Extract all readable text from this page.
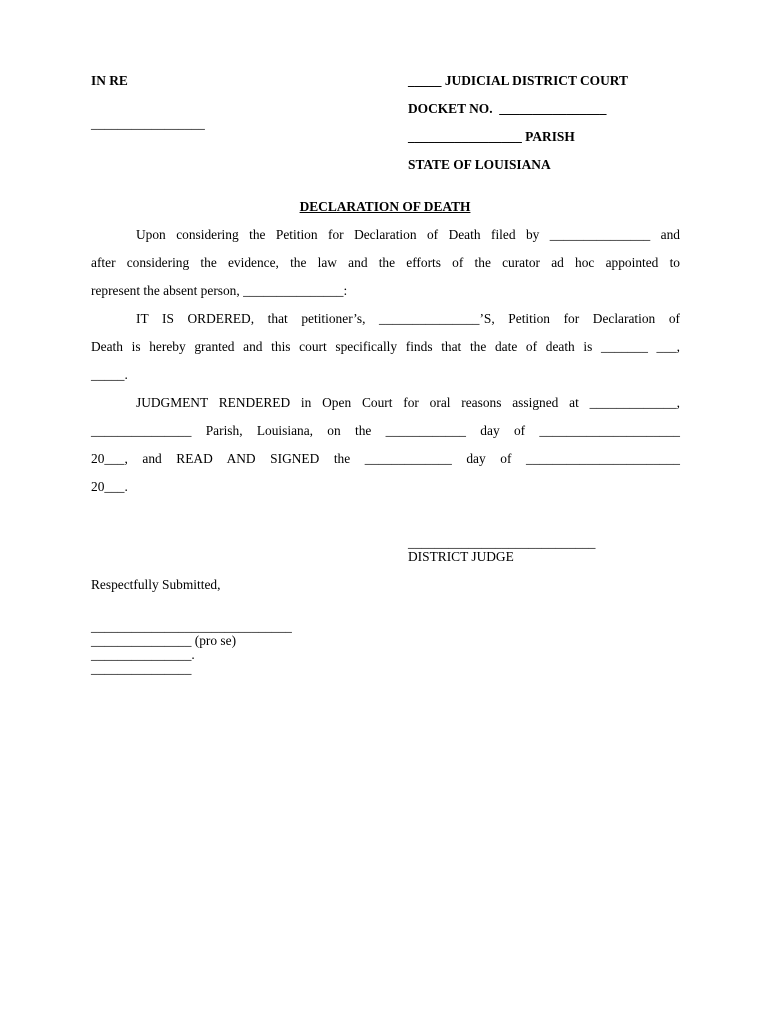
IN RE	_____ JUDICIAL DISTRICT COURT
DOCKET NO.  ________________
_________________
_________________ PARISH
STATE OF LOUISIANA
DECLARATION OF DEATH
Upon considering the Petition for Declaration of Death filed by _______________ and
after considering the evidence, the law and the efforts of the curator ad hoc appointed to
represent the absent person, _______________:
IT IS ORDERED, that petitioner’s, _______________’S, Petition for Declaration of
Death is hereby granted and this court specifically finds that the date of death is _______ ___,
_____.
JUDGMENT RENDERED in Open Court for oral reasons assigned at _____________,
_______________ Parish, Louisiana, on the ____________ day of _____________________
20___, and READ AND SIGNED the _____________ day of _______________________
20___.
____________________________
DISTRICT JUDGE
Respectfully Submitted,
______________________________
_______________ (pro se)
_______________.
_______________
